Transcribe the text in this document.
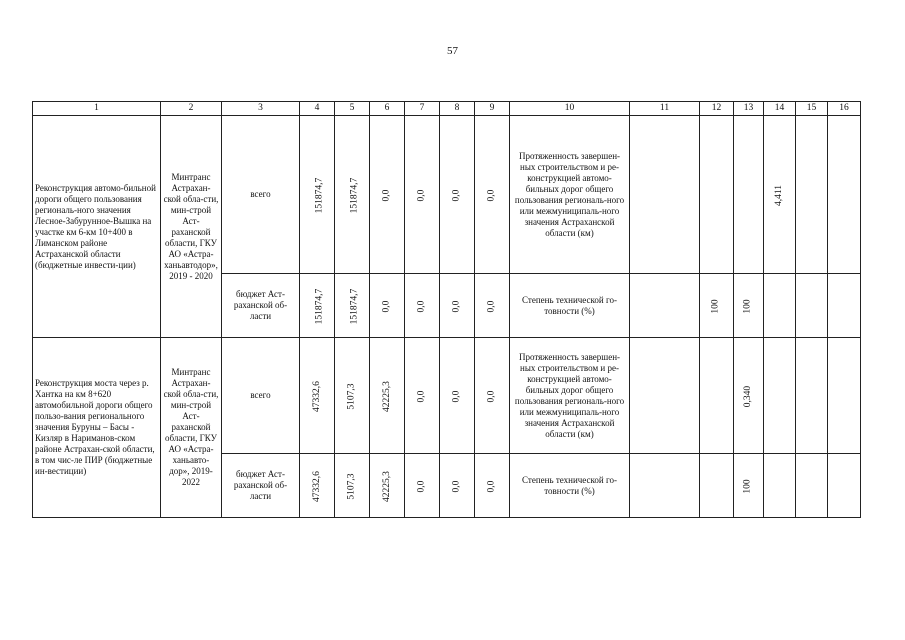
57
1	2	3	4	5	6	7	8	9	10	11	12	13	14	15	16
Реконструкция автомо-бильной дороги общего пользования региональ-ного значения Лесное-Забурунное-Вышка на участке км 6-км 10+400 в Лиманском районе Астраханской области (бюджетные инвести-ции)	Минтранс Астрахан-ской обла-сти, мин-строй Аст-раханской области, ГКУ АО «Астра-ханьавтодор», 2019 - 2020	всего	151874,7	151874,7	0,0	0,0	0,0	0,0	Протяженность завершен-ных строительством и ре-конструкцией автомо-бильных дорог общего пользования региональ-ного или межмуниципаль-ного значения Астраханской области (км)				4,411		
		бюджет Аст-раханской об-ласти	151874,7	151874,7	0,0	0,0	0,0	0,0	Степень технической го-товности (%)		100	100			
Реконструкция моста через р. Хантка на км 8+620 автомобильной дороги общего пользо-вания регионального значения Буруны – Басы - Кизляр в Нариманов-ском районе Астрахан-ской области, в том чис-ле ПИР (бюджетные ин-вестиции)	Минтранс Астрахан-ской обла-сти, мин-строй Аст-раханской области, ГКУ АО «Астра-ханьавто-дор», 2019-2022	всего	47332,6	5107,3	42225,3	0,0	0,0	0,0	Протяженность завершен-ных строительством и ре-конструкцией автомо-бильных дорог общего пользования региональ-ного или межмуниципаль-ного значения Астраханской области (км)			0,340			
		бюджет Аст-раханской об-ласти	47332,6	5107,3	42225,3	0,0	0,0	0,0	Степень технической го-товности (%)			100			
